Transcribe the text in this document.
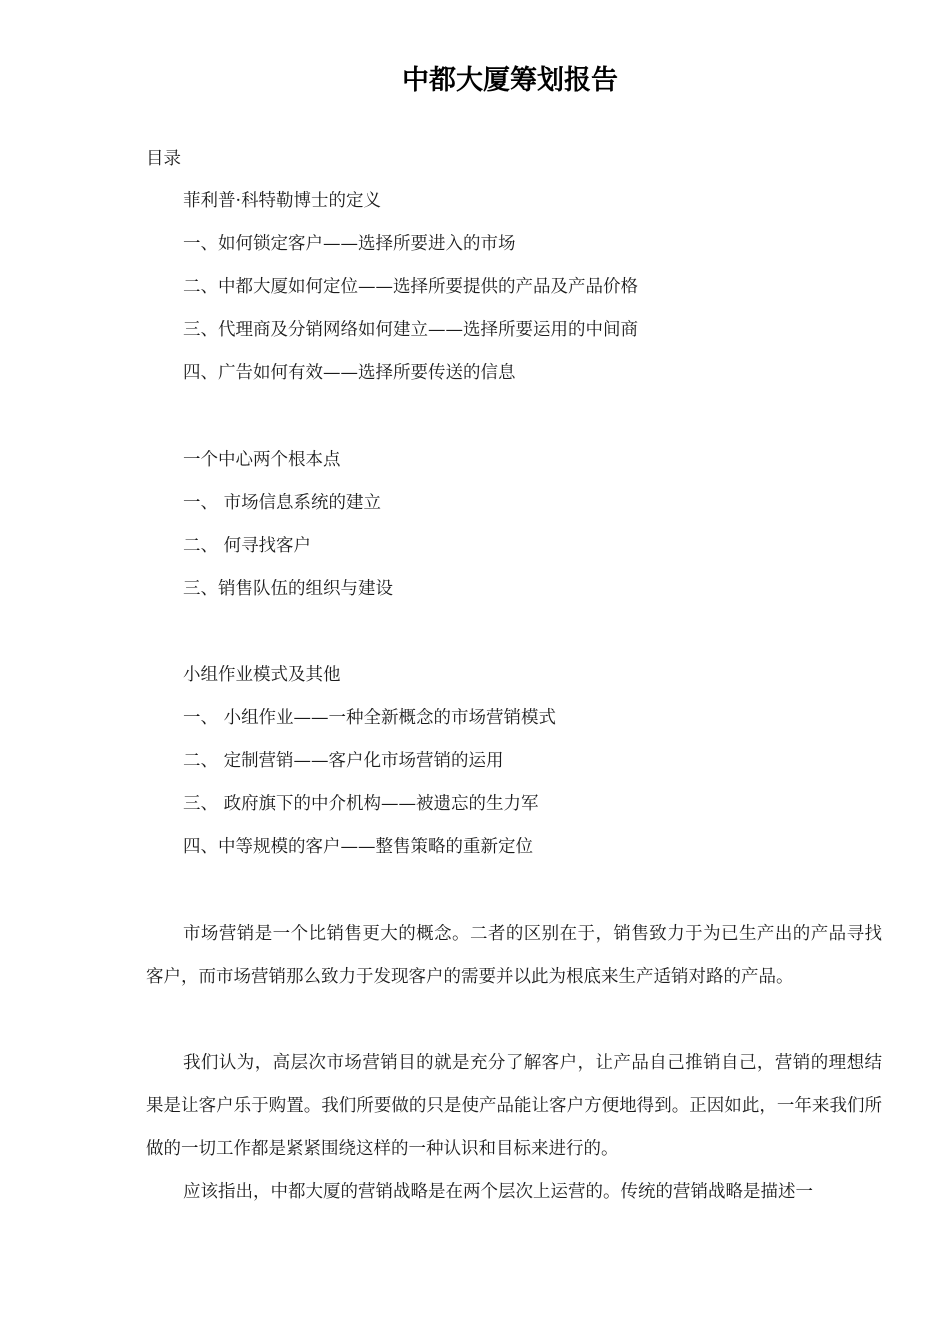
中都大厦筹划报告
目录
菲利普·科特勒博士的定义
一、如何锁定客户——选择所要进入的市场
二、中都大厦如何定位——选择所要提供的产品及产品价格
三、代理商及分销网络如何建立——选择所要运用的中间商
四、广告如何有效——选择所要传送的信息
一个中心两个根本点
一、 市场信息系统的建立
二、 何寻找客户
三、销售队伍的组织与建设
小组作业模式及其他
一、 小组作业——一种全新概念的市场营销模式
二、 定制营销——客户化市场营销的运用
三、 政府旗下的中介机构——被遗忘的生力军
四、中等规模的客户——整售策略的重新定位

市场营销是一个比销售更大的概念。二者的区别在于，销售致力于为已生产出的产品寻找客户，而市场营销那么致力于发现客户的需要并以此为根底来生产适销对路的产品。

我们认为，高层次市场营销目的就是充分了解客户，让产品自己推销自己，营销的理想结果是让客户乐于购置。我们所要做的只是使产品能让客户方便地得到。正因如此，一年来我们所做的一切工作都是紧紧围绕这样的一种认识和目标来进行的。

应该指出，中都大厦的营销战略是在两个层次上运营的。传统的营销战略是描述一
